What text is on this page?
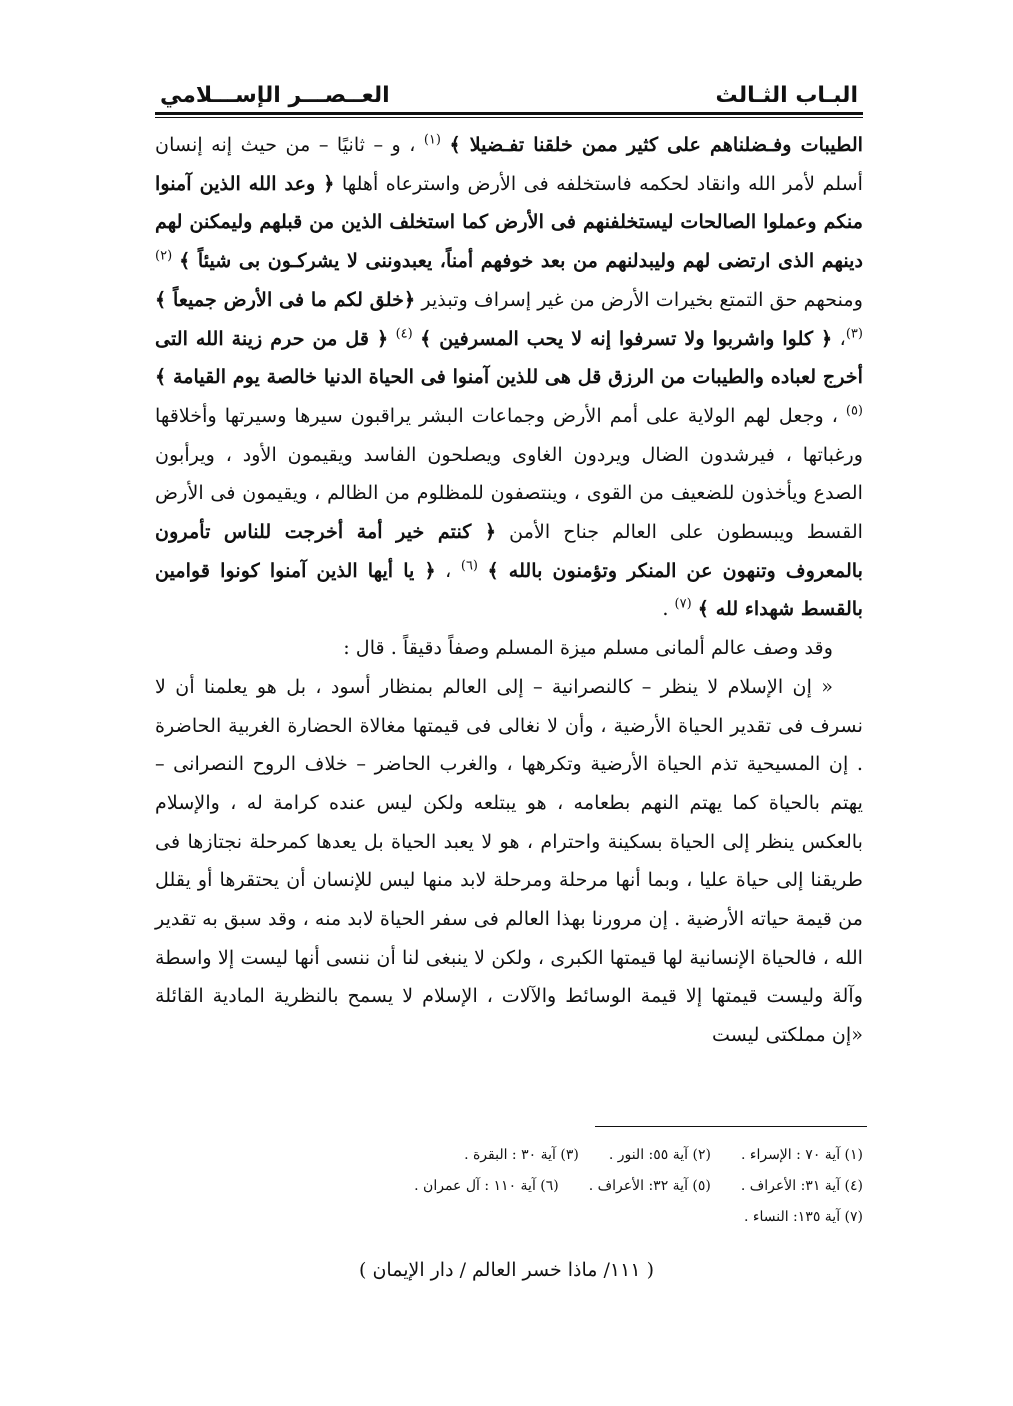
البـاب الثـالث
العــصـــر الإســـلامي

الطيبات وفـضلناهم على كثير ممن خلقنا تفـضيلا ﴾ $^{(١)}$ ، و – ثانيًا – من حيث إنه إنسان أسلم لأمر الله وانقاد لحكمه فاستخلفه فى الأرض واسترعاه أهلها ﴿ وعد الله الذين آمنوا منكم وعملوا الصالحات ليستخلفنهم فى الأرض كما استخلف الذين من قبلهم وليمكنن لهم دينهم الذى ارتضى لهم وليبدلنهم من بعد خوفهم أمناً، يعبدوننى لا يشركـون بى شيئاً ﴾ $^{(٢)}$ ومنحهم حق التمتع بخيرات الأرض من غير إسراف وتبذير ﴿خلق لكم ما فى الأرض جميعاً ﴾$^{(٣)}$، ﴿ كلوا واشربوا ولا تسرفوا إنه لا يحب المسرفين ﴾ $^{(٤)}$ ﴿ قل من حرم زينة الله التى أخرج لعباده والطيبات من الرزق قل هى للذين آمنوا فى الحياة الدنيا خالصة يوم القيامة ﴾ $^{(٥)}$ ، وجعل لهم الولاية على أمم الأرض وجماعات البشر يراقبون سيرها وسيرتها وأخلاقها ورغباتها ، فيرشدون الضال ويردون الغاوى ويصلحون الفاسد ويقيمون الأود ، ويرأبون الصدع ويأخذون للضعيف من القوى ، وينتصفون للمظلوم من الظالم ، ويقيمون فى الأرض القسط ويبسطون على العالم جناح الأمن ﴿ كنتم خير أمة أخرجت للناس تأمرون بالمعروف وتنهون عن المنكر وتؤمنون بالله ﴾ $^{(٦)}$ ، ﴿ يا أيها الذين آمنوا كونوا قوامين بالقسط شهداء لله ﴾ $^{(٧)}$ .

وقد وصف عالم ألمانى مسلم ميزة المسلم وصفاً دقيقاً . قال :

« إن الإسلام لا ينظر – كالنصرانية – إلى العالم بمنظار أسود ، بل هو يعلمنا أن لا نسرف فى تقدير الحياة الأرضية ، وأن لا نغالى فى قيمتها مغالاة الحضارة الغربية الحاضرة . إن المسيحية تذم الحياة الأرضية وتكرهها ، والغرب الحاضر – خلاف الروح النصرانى – يهتم بالحياة كما يهتم النهم بطعامه ، هو يبتلعه ولكن ليس عنده كرامة له ، والإسلام بالعكس ينظر إلى الحياة بسكينة واحترام ، هو لا يعبد الحياة بل يعدها كمرحلة نجتازها فى طريقنا إلى حياة عليا ، وبما أنها مرحلة ومرحلة لابد منها ليس للإنسان أن يحتقرها أو يقلل من قيمة حياته الأرضية . إن مرورنا بهذا العالم فى سفر الحياة لابد منه ، وقد سبق به تقدير الله ، فالحياة الإنسانية لها قيمتها الكبرى ، ولكن لا ينبغى لنا أن ننسى أنها ليست إلا واسطة وآلة وليست قيمتها إلا قيمة الوسائط والآلات ، الإسلام لا يسمح بالنظرية المادية القائلة «إن مملكتى ليست

(١) آية ٧٠ : الإسراء .
(٢) آية ٥٥: النور .
(٣) آية ٣٠ : البقرة .
(٤) آية ٣١: الأعراف .
(٥) آية ٣٢: الأعراف .
(٦) آية ١١٠ : آل عمران .
(٧) آية ١٣٥: النساء .
( ١١١/ ماذا خسر العالم / دار الإيمان )
